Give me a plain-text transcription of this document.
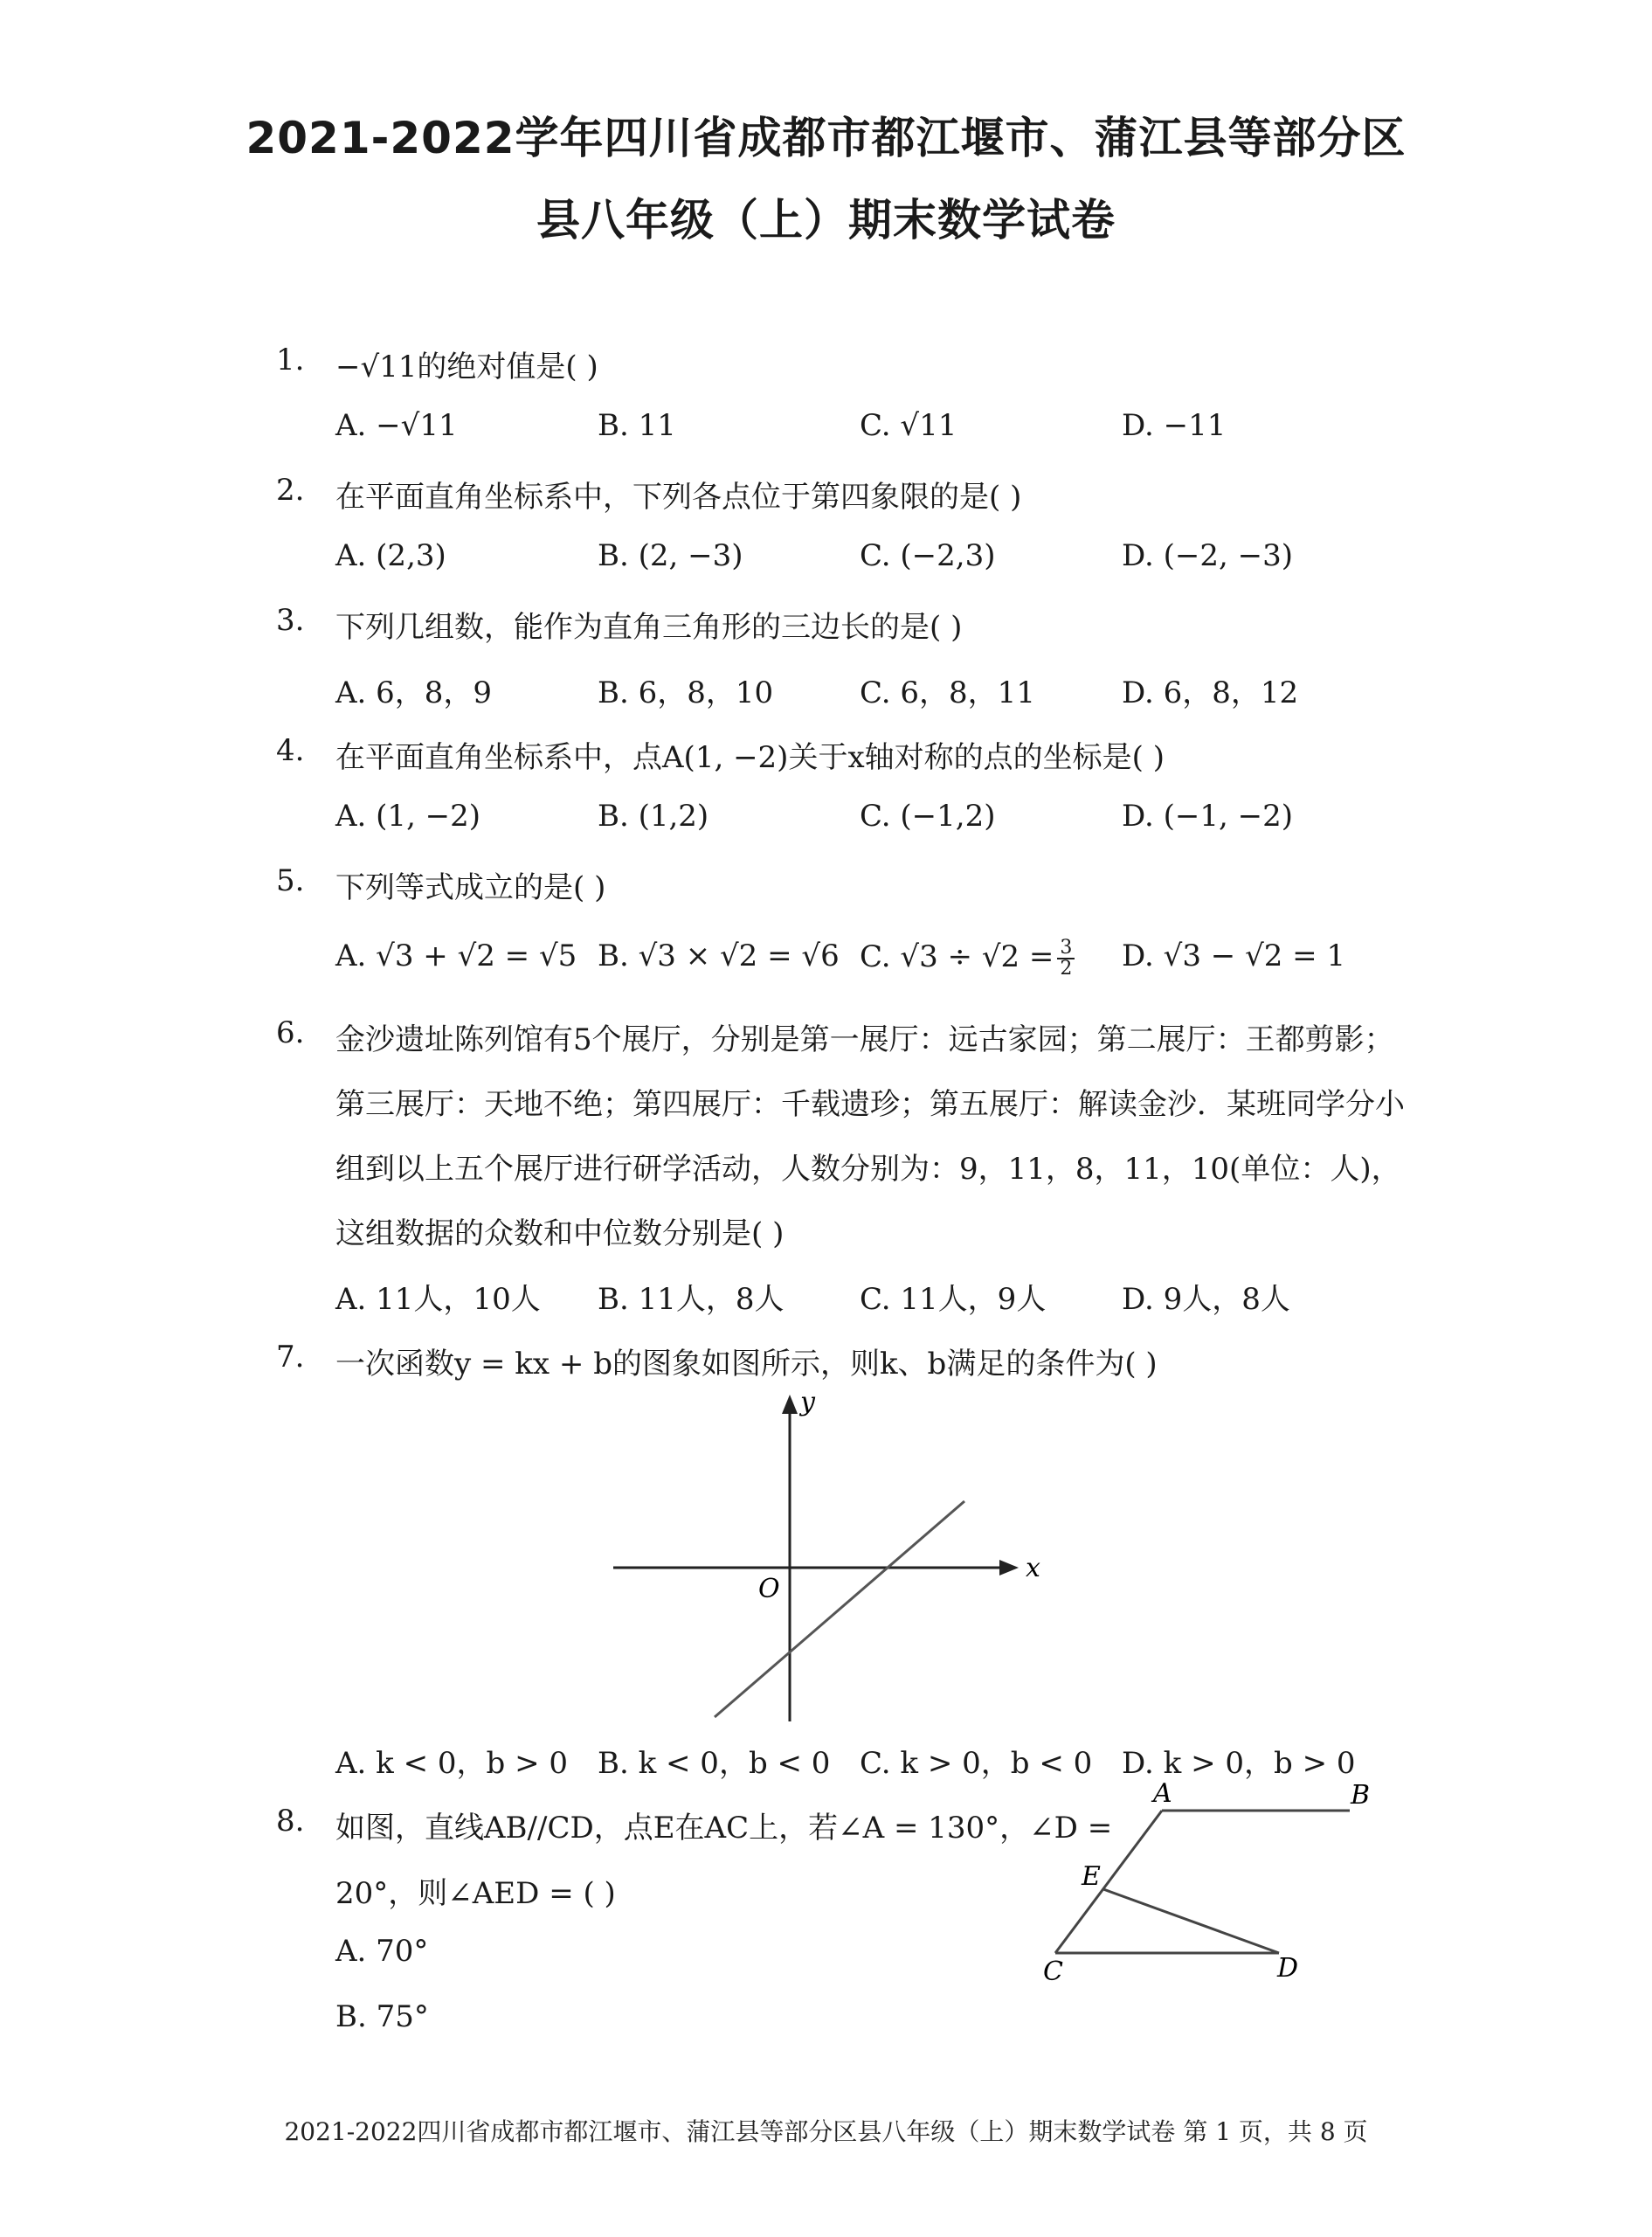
2021-2022学年四川省成都市都江堰市、蒲江县等部分区
县八年级（上）期末数学试卷
1. −√11的绝对值是( )
A. −√11	B. 11	C. √11	D. −11
2. 在平面直角坐标系中，下列各点位于第四象限的是( )
A. (2,3)	B. (2, −3)	C. (−2,3)	D. (−2, −3)
3. 下列几组数，能作为直角三角形的三边长的是( )
A. 6，8，9	B. 6，8，10	C. 6，8，11	D. 6，8，12
4. 在平面直角坐标系中，点A(1, −2)关于x轴对称的点的坐标是( )
A. (1, −2)	B. (1,2)	C. (−1,2)	D. (−1, −2)
5. 下列等式成立的是( )
A. √3 + √2 = √5 B. √3 × √2 = √6 C. $√3 \div √2 = \frac{3}{2} D$. √3 − √2 = 1
6. 金沙遗址陈列馆有5个展厅，分别是第一展厅：远古家园；第二展厅：王都剪影；
第三展厅：天地不绝；第四展厅：千载遗珍；第五展厅：解读金沙．某班同学分小
组到以上五个展厅进行研学活动，人数分别为：9，11，8，11，10(单位：人)，
这组数据的众数和中位数分别是( )
A. 11人，10人 B. 11人，8人	C. 11人，9人	D. 9人，8人
7. 一次函数y = kx + b的图象如图所示，则k、b满足的条件为( )
y
x
O
A. k < 0，b > 0 B. k < 0，b < 0 C. k > 0，b < 0 D. k > 0，b > 0
8. 如图，直线AB//CD，点E在AC上，若∠A = 130°，∠D =
20°，则∠AED = ( )
A. 70°
B. 75°
A	B
E
C	D
2021-2022四川省成都市都江堰市、蒲江县等部分区县八年级（上）期末数学试卷 第 1 页，共 8 页
